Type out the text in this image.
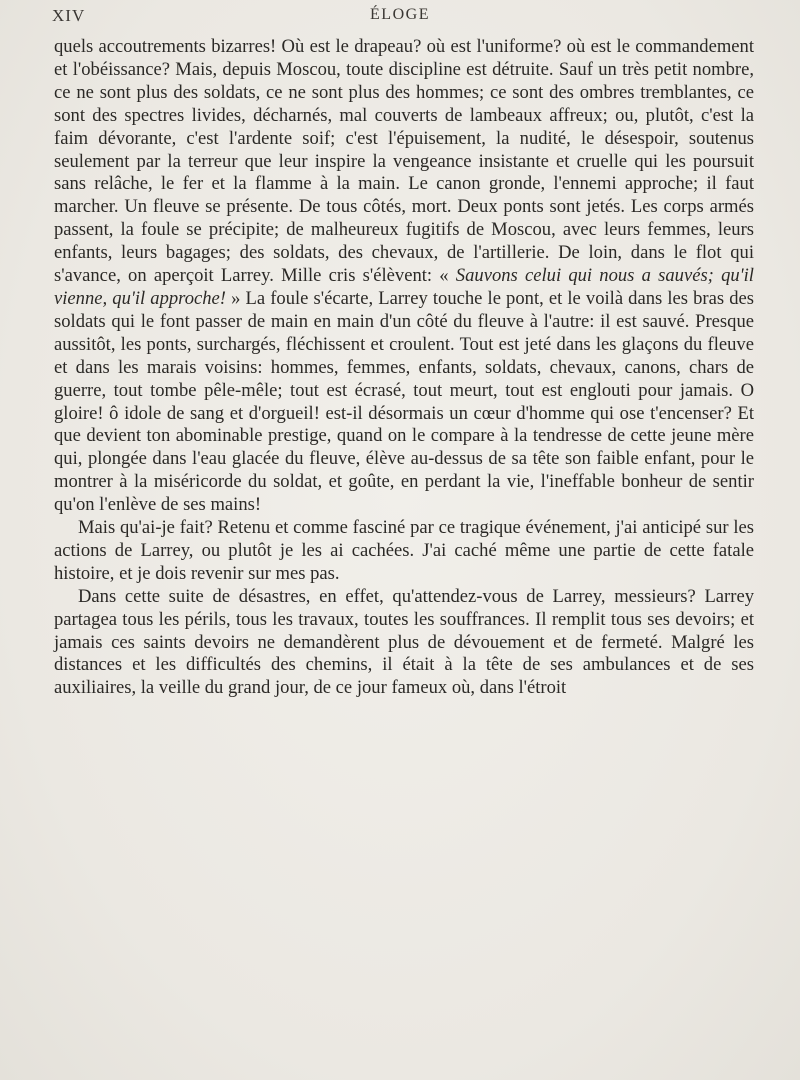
XIV	ÉLOGE

quels accoutrements bizarres! Où est le drapeau? où est l'uniforme? où est le commandement et l'obéissance? Mais, depuis Moscou, toute discipline est détruite. Sauf un très petit nombre, ce ne sont plus des soldats, ce ne sont plus des hommes; ce sont des ombres tremblantes, ce sont des spectres livides, décharnés, mal couverts de lambeaux affreux; ou, plutôt, c'est la faim dévorante, c'est l'ardente soif; c'est l'épuisement, la nudité, le désespoir, soutenus seulement par la terreur que leur inspire la vengeance insistante et cruelle qui les poursuit sans relâche, le fer et la flamme à la main. Le canon gronde, l'ennemi approche; il faut marcher. Un fleuve se présente. De tous côtés, mort. Deux ponts sont jetés. Les corps armés passent, la foule se précipite; de malheureux fugitifs de Moscou, avec leurs femmes, leurs enfants, leurs bagages; des soldats, des chevaux, de l'artillerie. De loin, dans le flot qui s'avance, on aperçoit Larrey. Mille cris s'élèvent: « Sauvons celui qui nous a sauvés; qu'il vienne, qu'il approche! » La foule s'écarte, Larrey touche le pont, et le voilà dans les bras des soldats qui le font passer de main en main d'un côté du fleuve à l'autre: il est sauvé. Presque aussitôt, les ponts, surchargés, fléchissent et croulent. Tout est jeté dans les glaçons du fleuve et dans les marais voisins: hommes, femmes, enfants, soldats, chevaux, canons, chars de guerre, tout tombe pêle-mêle; tout est écrasé, tout meurt, tout est englouti pour jamais. O gloire! ô idole de sang et d'orgueil! est-il désormais un cœur d'homme qui ose t'encenser? Et que devient ton abominable prestige, quand on le compare à la tendresse de cette jeune mère qui, plongée dans l'eau glacée du fleuve, élève au-dessus de sa tête son faible enfant, pour le montrer à la miséricorde du soldat, et goûte, en perdant la vie, l'ineffable bonheur de sentir qu'on l'enlève de ses mains!

Mais qu'ai-je fait? Retenu et comme fasciné par ce tragique événement, j'ai anticipé sur les actions de Larrey, ou plutôt je les ai cachées. J'ai caché même une partie de cette fatale histoire, et je dois revenir sur mes pas.

Dans cette suite de désastres, en effet, qu'attendez-vous de Larrey, messieurs? Larrey partagea tous les périls, tous les travaux, toutes les souffrances. Il remplit tous ses devoirs; et jamais ces saints devoirs ne demandèrent plus de dévouement et de fermeté. Malgré les distances et les difficultés des chemins, il était à la tête de ses ambulances et de ses auxiliaires, la veille du grand jour, de ce jour fameux où, dans l'étroit
